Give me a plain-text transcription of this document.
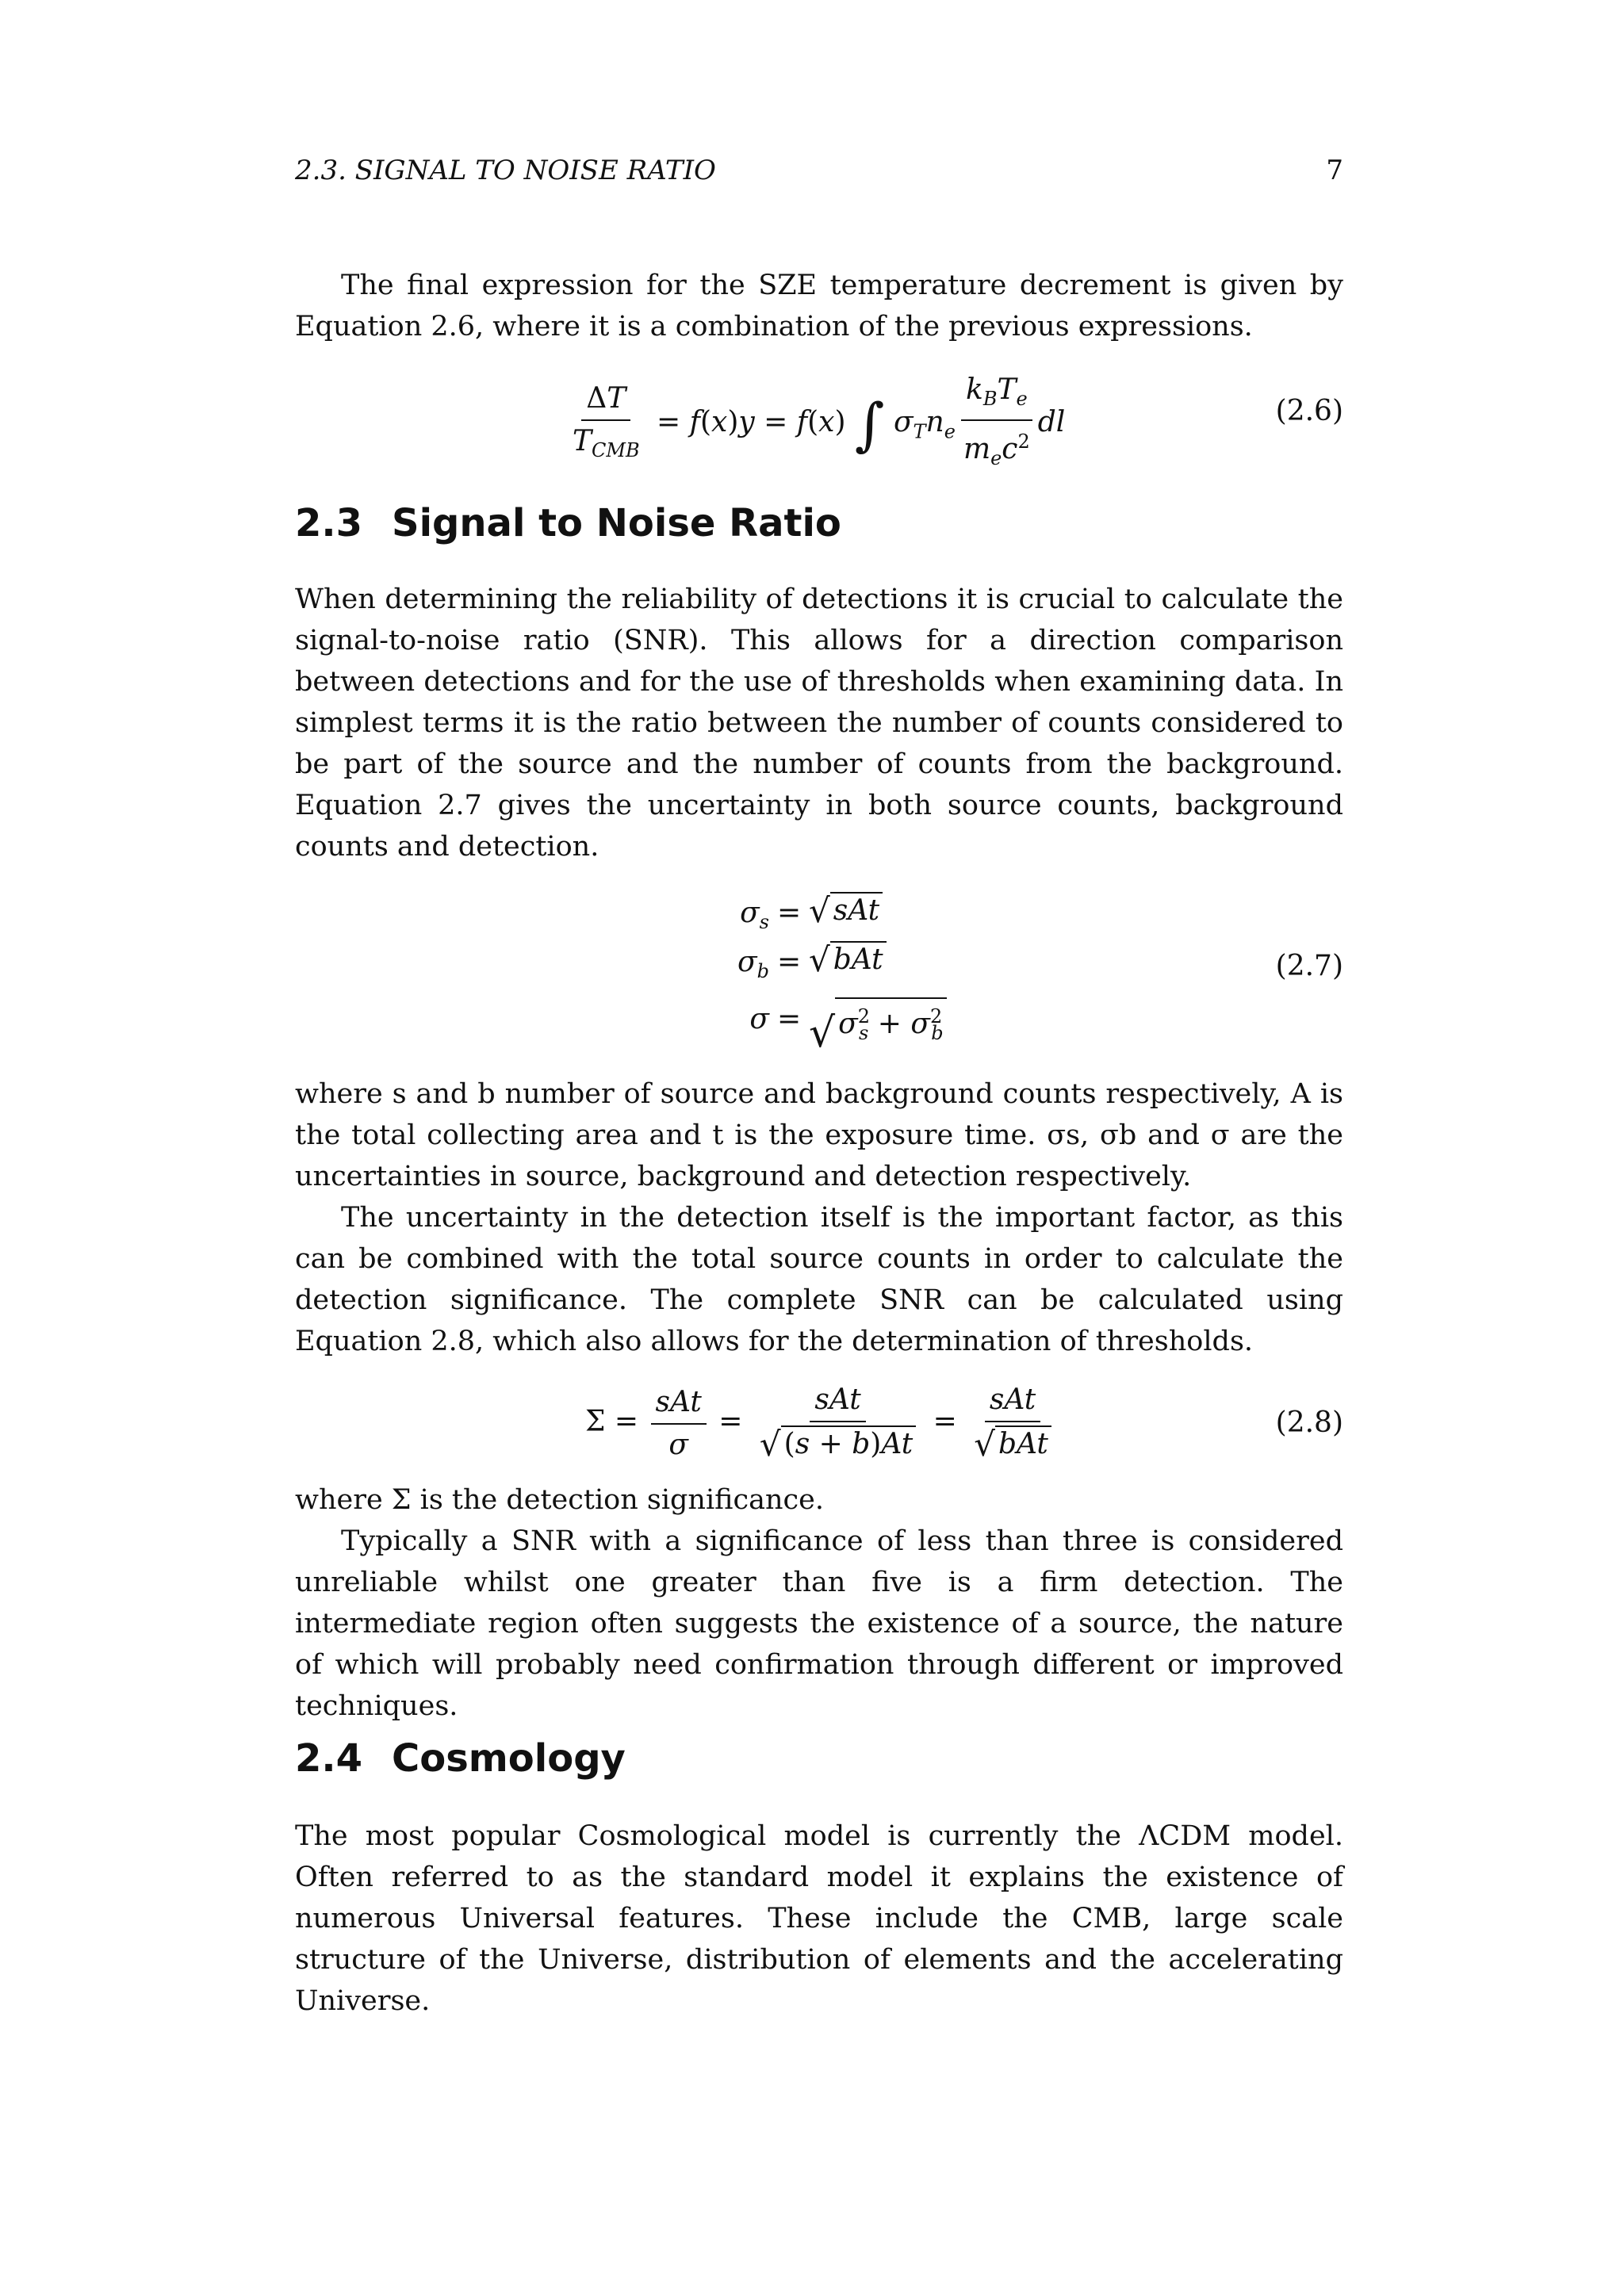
2.3. SIGNAL TO NOISE RATIO	7

The final expression for the SZE temperature decrement is given by Equation 2.6, where it is a combination of the previous expressions.

$\frac{\Delta T}{T_{CMB}} = f(x)y = f(x)$ ∫ $\sigma_Tn_e \frac{k_BT_e}{m_ec^2}$ dl	(2.6)
2.3 Signal to Noise Ratio

When determining the reliability of detections it is crucial to calculate the signal-to-noise ratio (SNR). This allows for a direction comparison between detections and for the use of thresholds when examining data. In simplest terms it is the ratio between the number of counts considered to be part of the source and the number of counts from the background. Equation 2.7 gives the uncertainty in both source counts, background counts and detection.

$\sigma_s$ = √ sAt
$\sigma_b$ = √ bAt
σ = √ $\sigma^2_s + \sigma^2_b$
(2.7)

where s and b number of source and background counts respectively, A is the total collecting area and t is the exposure time. σs, σb and σ are the uncertainties in source, background and detection respectively.

The uncertainty in the detection itself is the important factor, as this can be combined with the total source counts in order to calculate the detection significance. The complete SNR can be calculated using Equation 2.8, which also allows for the determination of thresholds.

$\Sigma = \frac{\text{sAt}}{\sigma} = \frac{\text{sAt}}{√ (s + b)At} = \frac{\text{sAt}}{\text{√ bAt}}$	(2.8)

where Σ is the detection significance.

Typically a SNR with a significance of less than three is considered unreliable whilst one greater than five is a firm detection. The intermediate region often suggests the existence of a source, the nature of which will probably need confirmation through different or improved techniques.

2.4 Cosmology

The most popular Cosmological model is currently the ΛCDM model. Often referred to as the standard model it explains the existence of numerous Universal features. These include the CMB, large scale structure of the Universe, distribution of elements and the accelerating Universe.
